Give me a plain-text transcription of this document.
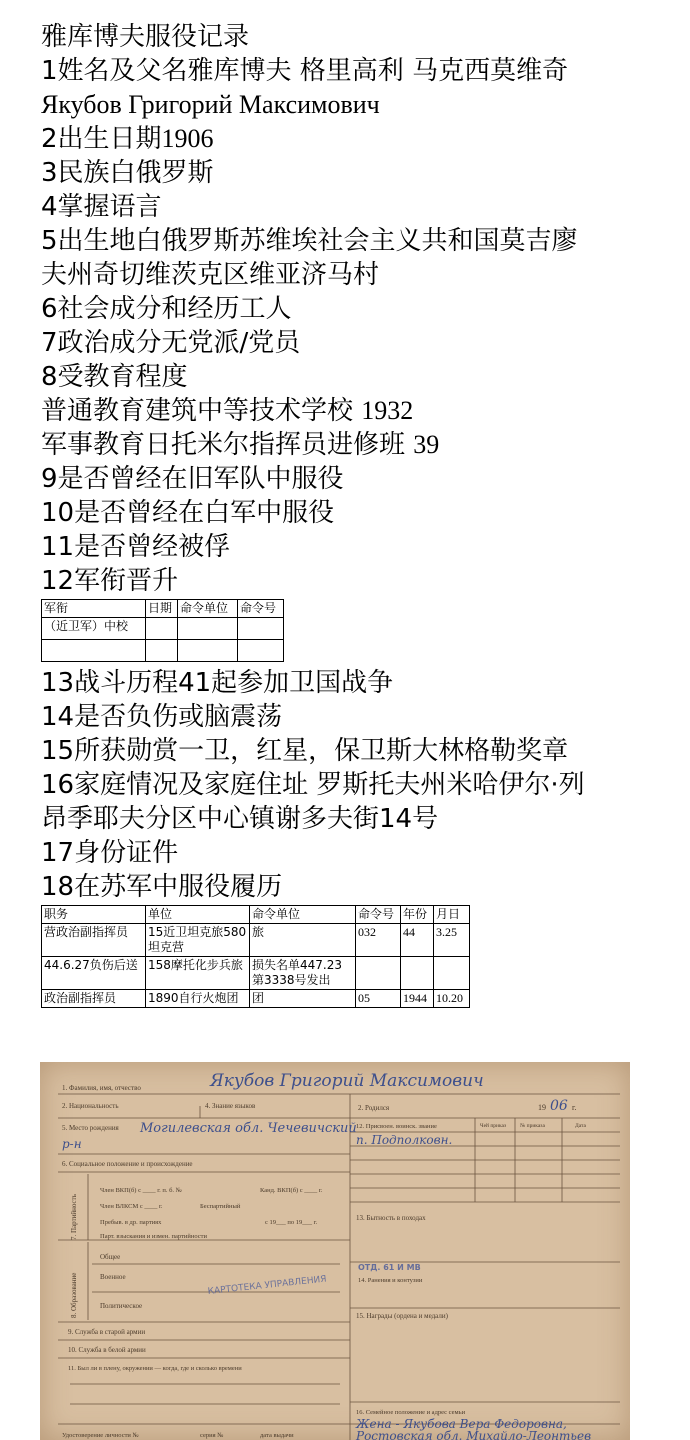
雅库博夫服役记录
1姓名及父名雅库博夫 格里高利 马克西莫维奇
Якубов Григорий Максимович
2出生日期1906
3民族白俄罗斯
4掌握语言
5出生地白俄罗斯苏维埃社会主义共和国莫吉廖
夫州奇切维茨克区维亚济马村
6社会成分和经历工人
7政治成分无党派/党员
8受教育程度
普通教育建筑中等技术学校 1932
军事教育日托米尔指挥员进修班 39
9是否曾经在旧军队中服役
10是否曾经在白军中服役
11是否曾经被俘
12军衔晋升
军衔	日期	命令单位	命令号
（近卫军）中校			

13战斗历程41起参加卫国战争
14是否负伤或脑震荡
15所获勋赏一卫，红星，保卫斯大林格勒奖章
16家庭情况及家庭住址 罗斯托夫州米哈伊尔·列
昂季耶夫分区中心镇谢多夫街14号
17身份证件
18在苏军中服役履历
职务	单位	命令单位	命令号	年份	月日
营政治副指挥员	15近卫坦克旅580坦克营	旅	032	44	3.25
44.6.27负伤后送	158摩托化步兵旅	损失名单447.23第3338号发出			
政治副指挥员	1890自行火炮团	团	05	1944	10.20
1. Фамилия, имя, отчество	Якубов Григорий Максимович
2. Национальность	4. Знание языков	2. Родился	19 06 г.
5. Место рождения Могилевская обл. Чечевичский
р-н
12. Присвоен. воинск. звание	Чей приказ	№ приказа	Дата
п. Подполковн.
6. Социальное положение и происхождение
7. Партийность
Член ВКП(б) с ____ г. п. б. №	Канд. ВКП(б) с ____ г.
Член ВЛКСМ с ____ г.	Беспартийный
Пребыв. в др. партиях	с 19___ по 19___ г.
Парт. взыскания и измен. партийности
13. Бытность в походах
8. Образование
Общее
Военное
Политическое
КАРТОТЕКА УПРАВЛЕНИЯ
ОТД. 61 И МВ
14. Ранения и контузии
15. Награды (ордена и медали)
9. Служба в старой армии
10. Служба в белой армии
11. Был ли в плену, окружении — когда, где и сколько времени
16. Семейное положение и адрес семьи
Жена - Якубова Вера Федоровна,
Ростовская обл. Михайло-Леонтьев
Удостоверение личности №	серия №	дата выдачи
